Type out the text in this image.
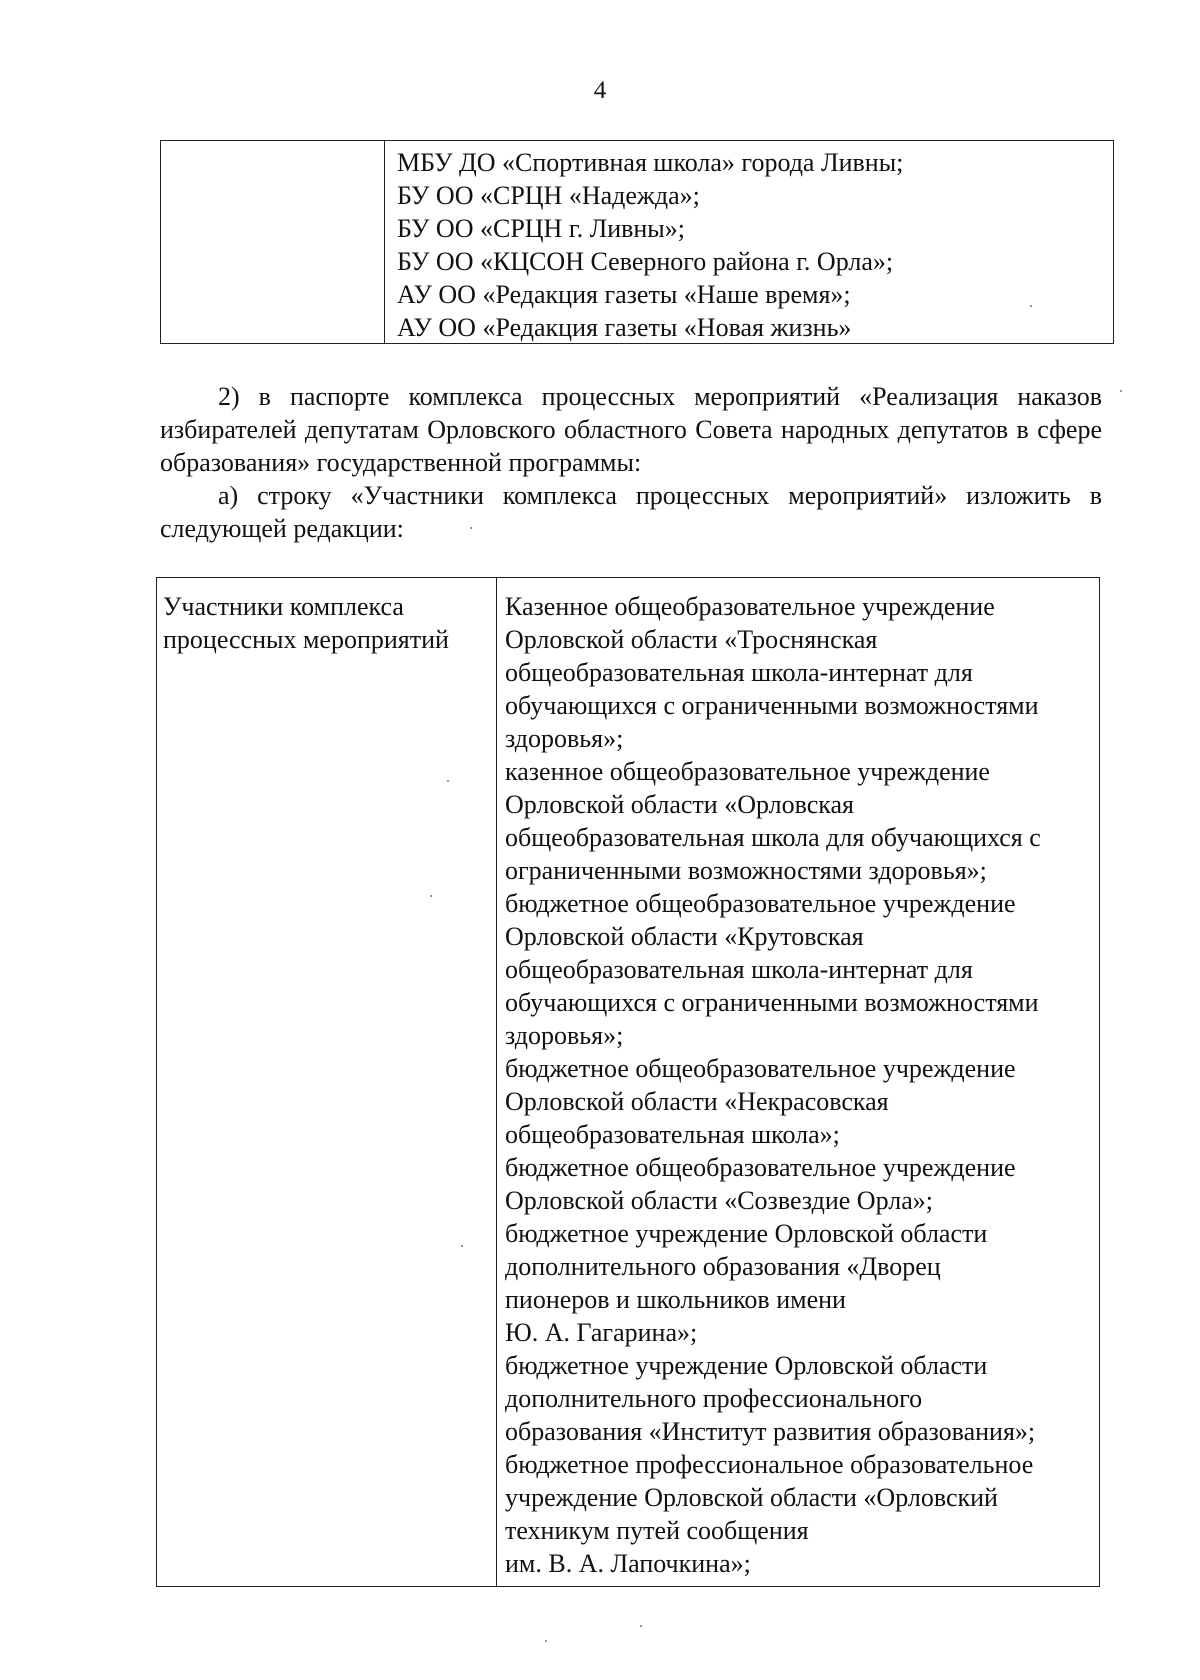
4
МБУ ДО «Спортивная школа» города Ливны;
БУ ОО «СРЦН «Надежда»;
БУ ОО «СРЦН г. Ливны»;
БУ ОО «КЦСОН Северного района г. Орла»;
АУ ОО «Редакция газеты «Наше время»;
АУ ОО «Редакция газеты «Новая жизнь»
2) в паспорте комплекса процессных мероприятий «Реализация наказов избирателей депутатам Орловского областного Совета народных депутатов в сфере образования» государственной программы:
а) строку «Участники комплекса процессных мероприятий» изложить в следующей редакции:
Участники комплекса
процессных мероприятий
Казенное общеобразовательное учреждение
Орловской области «Троснянская
общеобразовательная школа-интернат для
обучающихся с ограниченными возможностями
здоровья»;
казенное общеобразовательное учреждение
Орловской области «Орловская
общеобразовательная школа для обучающихся с
ограниченными возможностями здоровья»;
бюджетное общеобразовательное учреждение
Орловской области «Крутовская
общеобразовательная школа-интернат для
обучающихся с ограниченными возможностями
здоровья»;
бюджетное общеобразовательное учреждение
Орловской области «Некрасовская
общеобразовательная школа»;
бюджетное общеобразовательное учреждение
Орловской области «Созвездие Орла»;
бюджетное учреждение Орловской области
дополнительного образования «Дворец
пионеров и школьников имени
Ю. А. Гагарина»;
бюджетное учреждение Орловской области
дополнительного профессионального
образования «Институт развития образования»;
бюджетное профессиональное образовательное
учреждение Орловской области «Орловский
техникум путей сообщения
им. В. А. Лапочкина»;
